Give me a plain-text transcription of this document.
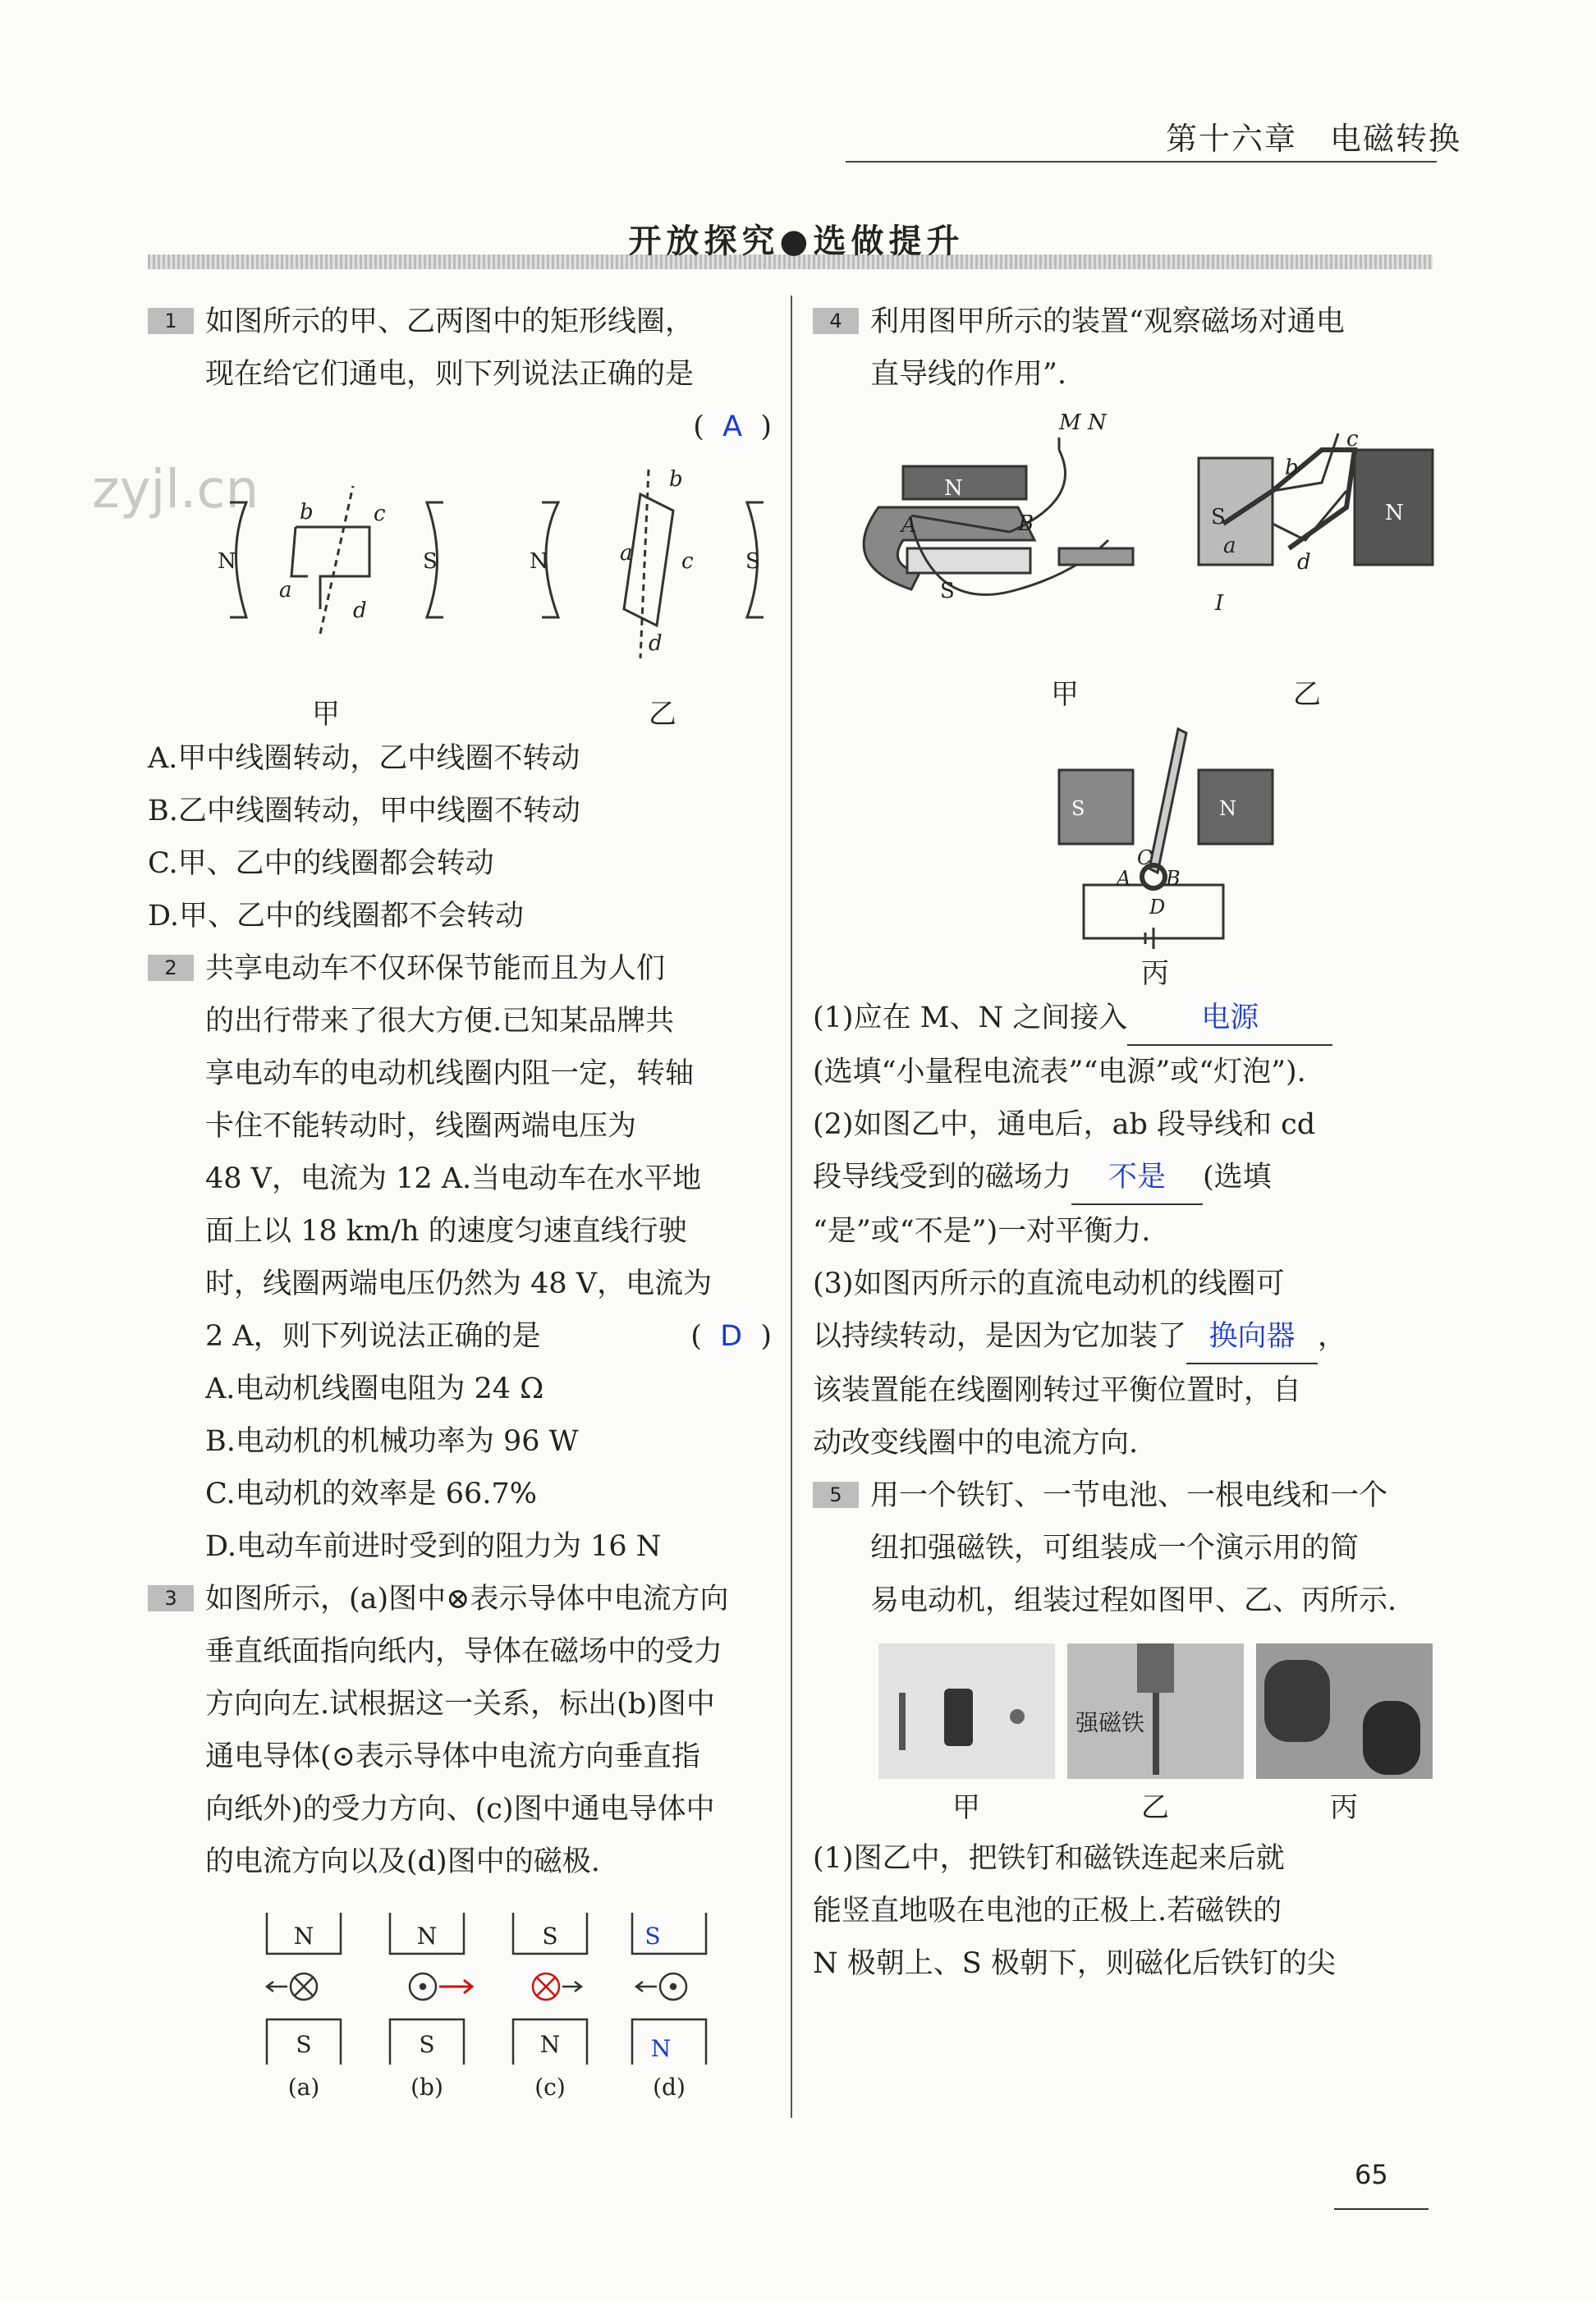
第十六章　电磁转换
开放探究●选做提升
zyjl.cn

1 如图所示的甲、乙两图中的矩形线圈，

现在给它们通电，则下列说法正确的是

(  A  )

N	S
b	c
a
d
N	S
b
a c
d
甲	乙

A.甲中线圈转动，乙中线圈不转动

B.乙中线圈转动，甲中线圈不转动

C.甲、乙中的线圈都会转动

D.甲、乙中的线圈都不会转动

2 共享电动车不仅环保节能而且为人们

的出行带来了很大方便.已知某品牌共

享电动车的电动机线圈内阻一定，转轴

卡住不能转动时，线圈两端电压为

48 V，电流为 12 A.当电动车在水平地

面上以 18 km/h 的速度匀速直线行驶

时，线圈两端电压仍然为 48 V，电流为

2 A，则下列说法正确的是	(  D  )

A.电动机线圈电阻为 24 Ω

B.电动机的机械功率为 96 W

C.电动机的效率是 66.7%

D.电动车前进时受到的阻力为 16 N

3 如图所示，(a)图中⊗表示导体中电流方向

垂直纸面指向纸内，导体在磁场中的受力

方向向左.试根据这一关系，标出(b)图中

通电导体(⊙表示导体中电流方向垂直指

向纸外)的受力方向、(c)图中通电导体中

的电流方向以及(d)图中的磁极.

N
S
N
S
S
N
S
N
(a)	(b)	(c)	(d)

4 利用图甲所示的装置“观察磁场对通电

直导线的作用”.

M N
N
S
A	B	S	N
a
b
c
d
I
甲	乙
S	N
C
A B
D
丙

(1)应在 M、N 之间接入	电源

(选填“小量程电流表”“电源”或“灯泡”).

(2)如图乙中，通电后，ab 段导线和 cd

段导线受到的磁场力 不是 (选填

“是”或“不是”)一对平衡力.

(3)如图丙所示的直流电动机的线圈可

以持续转动，是因为它加装了 换向器 ，

该装置能在线圈刚转过平衡位置时，自

动改变线圈中的电流方向.

5 用一个铁钉、一节电池、一根电线和一个

纽扣强磁铁，可组装成一个演示用的简

易电动机，组装过程如图甲、乙、丙所示.

强磁铁
甲	乙	丙

(1)图乙中，把铁钉和磁铁连起来后就

能竖直地吸在电池的正极上.若磁铁的

N 极朝上、S 极朝下，则磁化后铁钉的尖

65
